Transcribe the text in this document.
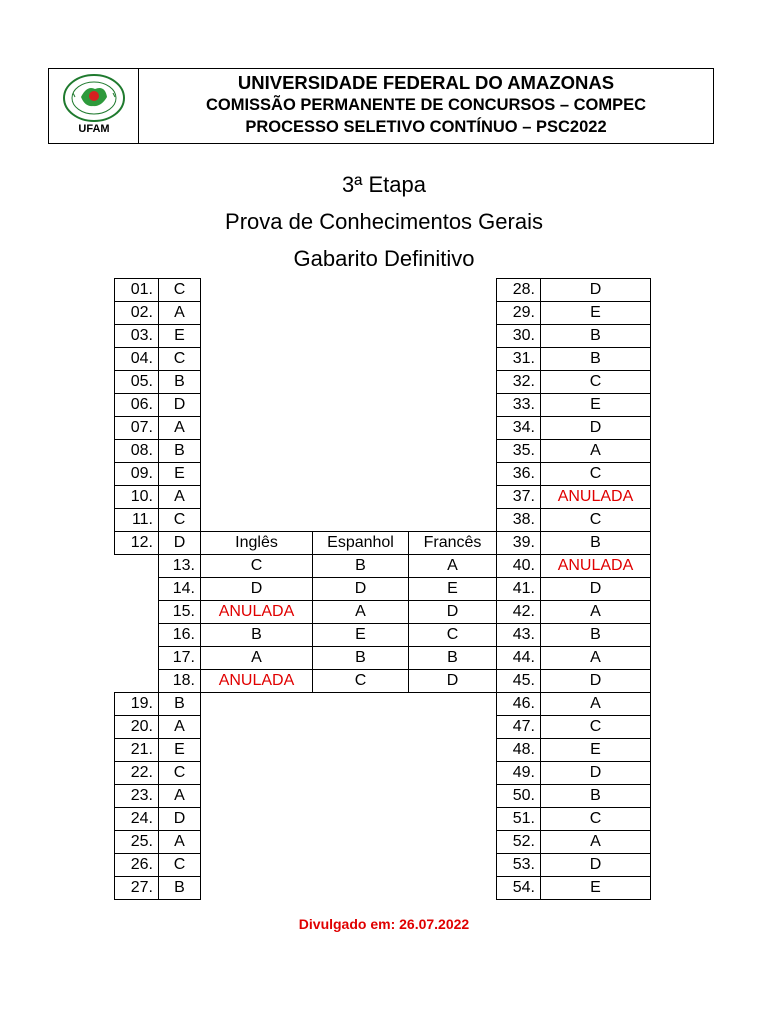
UFAM
UNIVERSIDADE FEDERAL DO AMAZONAS
COMISSÃO PERMANENTE DE CONCURSOS – COMPEC
PROCESSO SELETIVO CONTÍNUO – PSC2022
3ª Etapa
Prova de Conhecimentos Gerais
Gabarito Definitivo
01.	C
02.	A
03.	E
04.	C
05.	B
06.	D
07.	A
08.	B
09.	E
10.	A
11.	C
12.	D
19.	B
20.	A
21.	E
22.	C
23.	A
24.	D
25.	A
26.	C
27.	B
Inglês	Espanhol	Francês
13.	C	B	A
14.	D	D	E
15.	ANULADA	A	D
16.	B	E	C
17.	A	B	B
18.	ANULADA	C	D
28.	D
29.	E
30.	B
31.	B
32.	C
33.	E
34.	D
35.	A
36.	C
37.	ANULADA
38.	C
39.	B
40.	ANULADA
41.	D
42.	A
43.	B
44.	A
45.	D
46.	A
47.	C
48.	E
49.	D
50.	B
51.	C
52.	A
53.	D
54.	E
Divulgado em: 26.07.2022
